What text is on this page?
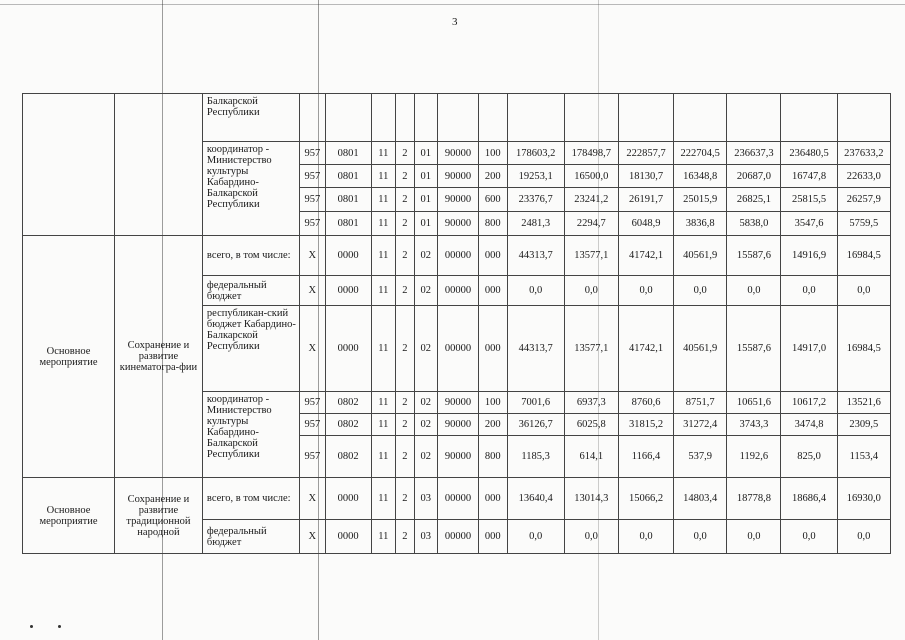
3
		Балкарской Республики														
		координатор - Министерство культуры Кабардино-Балкарской Республики	957	0801	11	2	01	90000	100	178603,2	178498,7	222857,7	222704,5	236637,3	236480,5	237633,2
			957	0801	11	2	01	90000	200	19253,1	16500,0	18130,7	16348,8	20687,0	16747,8	22633,0
			957	0801	11	2	01	90000	600	23376,7	23241,2	26191,7	25015,9	26825,1	25815,5	26257,9
			957	0801	11	2	01	90000	800	2481,3	2294,7	6048,9	3836,8	5838,0	3547,6	5759,5
Основное мероприятие	Сохранение и развитие кинематогра-фии	всего, в том числе:	X	0000	11	2	02	00000	000	44313,7	13577,1	41742,1	40561,9	15587,6	14916,9	16984,5
		федеральный бюджет	X	0000	11	2	02	00000	000	0,0	0,0	0,0	0,0	0,0	0,0	0,0
		республикан-ский бюджет Кабардино-Балкарской Республики	X	0000	11	2	02	00000	000	44313,7	13577,1	41742,1	40561,9	15587,6	14917,0	16984,5
		координатор - Министерство культуры Кабардино-Балкарской Республики	957	0802	11	2	02	90000	100	7001,6	6937,3	8760,6	8751,7	10651,6	10617,2	13521,6
			957	0802	11	2	02	90000	200	36126,7	6025,8	31815,2	31272,4	3743,3	3474,8	2309,5
			957	0802	11	2	02	90000	800	1185,3	614,1	1166,4	537,9	1192,6	825,0	1153,4
Основное мероприятие	Сохранение и развитие традиционной народной	всего, в том числе:	X	0000	11	2	03	00000	000	13640,4	13014,3	15066,2	14803,4	18778,8	18686,4	16930,0
		федеральный бюджет	X	0000	11	2	03	00000	000	0,0	0,0	0,0	0,0	0,0	0,0	0,0
